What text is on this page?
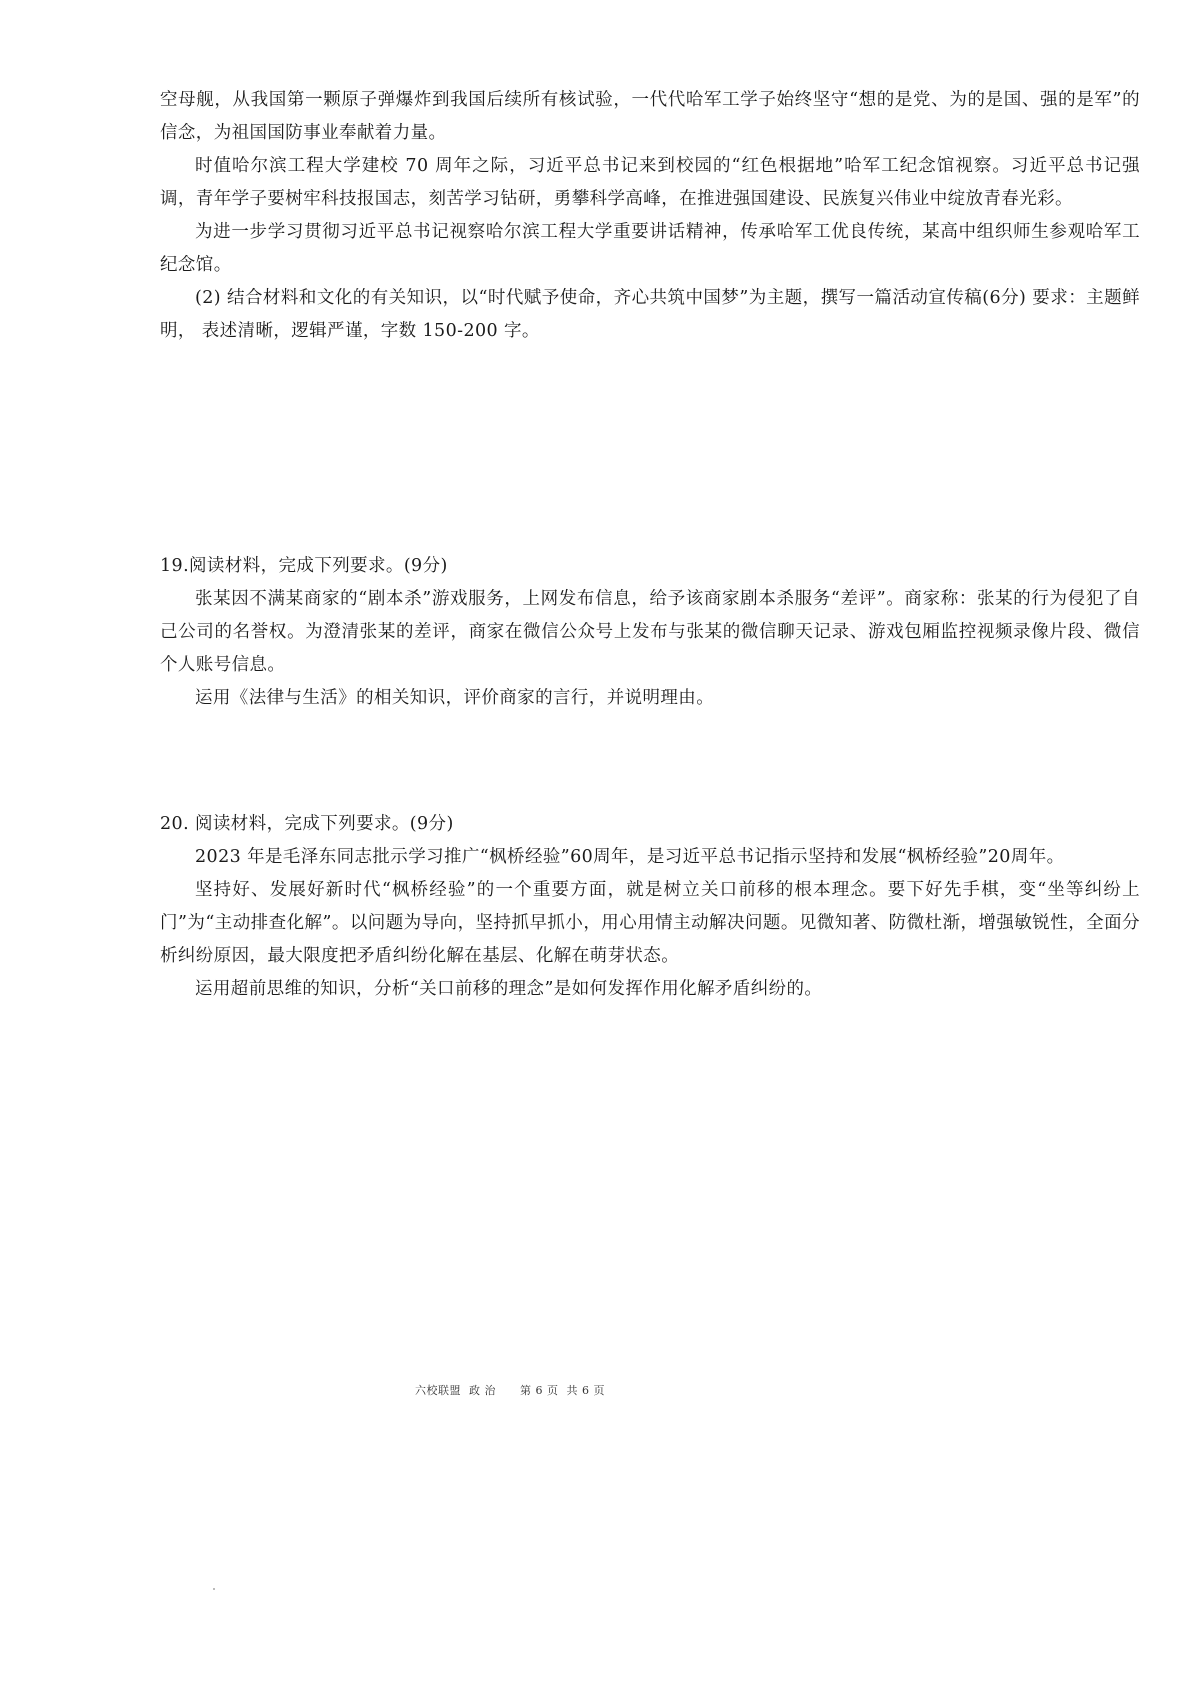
空母舰，从我国第一颗原子弹爆炸到我国后续所有核试验，一代代哈军工学子始终坚守“想的是党、为的是国、强的是军”的信念，为祖国国防事业奉献着力量。

时值哈尔滨工程大学建校 70 周年之际，习近平总书记来到校园的“红色根据地”哈军工纪念馆视察。习近平总书记强调，青年学子要树牢科技报国志，刻苦学习钻研，勇攀科学高峰，在推进强国建设、民族复兴伟业中绽放青春光彩。

为进一步学习贯彻习近平总书记视察哈尔滨工程大学重要讲话精神，传承哈军工优良传统，某高中组织师生参观哈军工纪念馆。

(2) 结合材料和文化的有关知识，以“时代赋予使命，齐心共筑中国梦”为主题，撰写一篇活动宣传稿(6分) 要求：主题鲜明， 表述清晰，逻辑严谨，字数 150-200 字。

19.阅读材料，完成下列要求。(9分)

张某因不满某商家的“剧本杀”游戏服务，上网发布信息，给予该商家剧本杀服务“差评”。商家称：张某的行为侵犯了自己公司的名誉权。为澄清张某的差评，商家在微信公众号上发布与张某的微信聊天记录、游戏包厢监控视频录像片段、微信个人账号信息。

运用《法律与生活》的相关知识，评价商家的言行，并说明理由。

20. 阅读材料，完成下列要求。(9分)

2023 年是毛泽东同志批示学习推广“枫桥经验”60周年，是习近平总书记指示坚持和发展“枫桥经验”20周年。

坚持好、发展好新时代“枫桥经验”的一个重要方面，就是树立关口前移的根本理念。要下好先手棋，变“坐等纠纷上门”为“主动排查化解”。以问题为导向，坚持抓早抓小，用心用情主动解决问题。见微知著、防微杜渐，增强敏锐性，全面分析纠纷原因，最大限度把矛盾纠纷化解在基层、化解在萌芽状态。

运用超前思维的知识，分析“关口前移的理念”是如何发挥作用化解矛盾纠纷的。

六校联盟  政 治      第 6 页  共 6 页
